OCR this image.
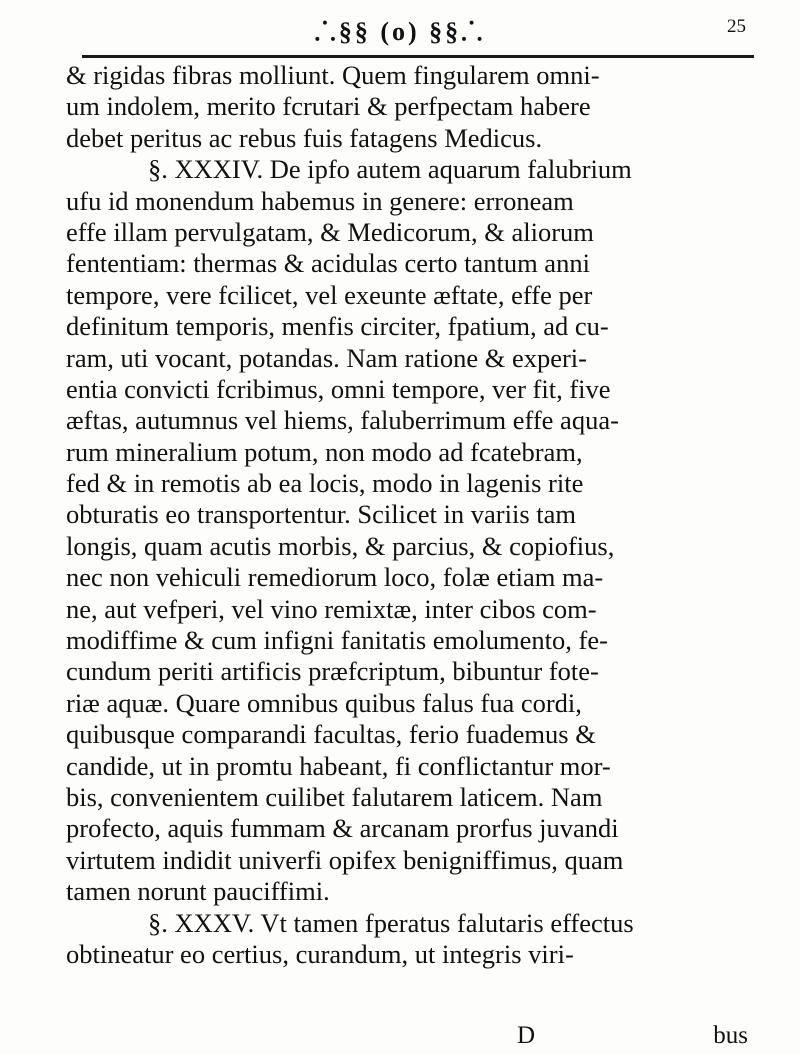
⸫§§ (o) §§⸫	25
& rigidas fibras molliunt. Quem fingularem omni-
um indolem, merito fcrutari & perfpectam habere
debet peritus ac rebus fuis fatagens Medicus.
§. XXXIV. De ipfo autem aquarum falubrium
ufu id monendum habemus in genere: erroneam
effe illam pervulgatam, & Medicorum, & aliorum
fententiam: thermas & acidulas certo tantum anni
tempore, vere fcilicet, vel exeunte æftate, effe per
definitum temporis, menfis circiter, fpatium, ad cu-
ram, uti vocant, potandas. Nam ratione & experi-
entia convicti fcribimus, omni tempore, ver fit, five
æftas, autumnus vel hiems, faluberrimum effe aqua-
rum mineralium potum, non modo ad fcatebram,
fed & in remotis ab ea locis, modo in lagenis rite
obturatis eo transportentur. Scilicet in variis tam
longis, quam acutis morbis, & parcius, & copiofius,
nec non vehiculi remediorum loco, folæ etiam ma-
ne, aut vefperi, vel vino remixtæ, inter cibos com-
modiffime & cum infigni fanitatis emolumento, fe-
cundum periti artificis præfcriptum, bibuntur fote-
riæ aquæ. Quare omnibus quibus falus fua cordi,
quibusque comparandi facultas, ferio fuademus &
candide, ut in promtu habeant, fi conflictantur mor-
bis, convenientem cuilibet falutarem laticem. Nam
profecto, aquis fummam & arcanam prorfus juvandi
virtutem indidit univerfi opifex benigniffimus, quam
tamen norunt pauciffimi.
§. XXXV. Vt tamen fperatus falutaris effectus
obtineatur eo certius, curandum, ut integris viri-
D	bus
